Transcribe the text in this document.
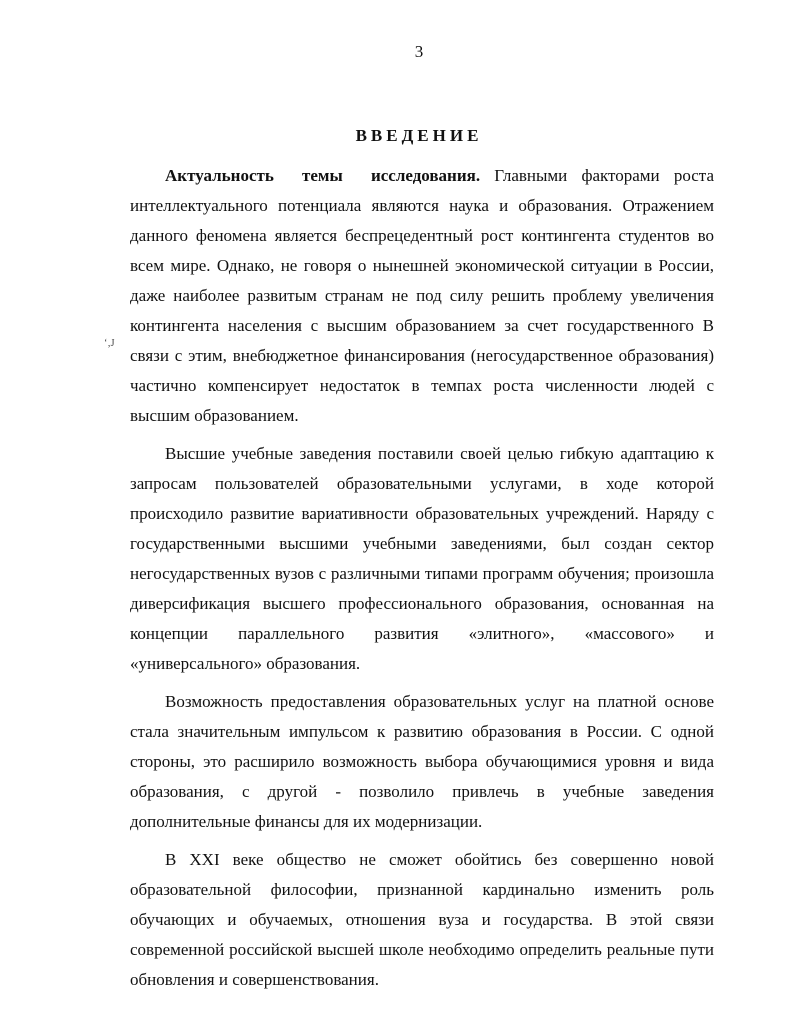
3
ВВЕДЕНИЕ
‘‚J

Актуальность темы исследования. Главными факторами роста интеллектуального потенциала являются наука и образования. Отражением данного феномена является беспрецедентный рост контингента студентов во всем мире. Однако, не говоря о нынешней экономической ситуации в России, даже наиболее развитым странам не под силу решить проблему увеличения контингента населения с высшим образованием за счет государственного В связи с этим, внебюджетное финансирования (негосударственное образования) частично компенсирует недостаток в темпах роста численности людей с высшим образованием.

Высшие учебные заведения поставили своей целью гибкую адаптацию к запросам пользователей образовательными услугами, в ходе которой происходило развитие вариативности образовательных учреждений. Наряду с государственными высшими учебными заведениями, был создан сектор негосударственных вузов с различными типами программ обучения; произошла диверсификация высшего профессионального образования, основанная на концепции параллельного развития «элитного», «массового» и «универсального» образования.

Возможность предоставления образовательных услуг на платной основе стала значительным импульсом к развитию образования в России. С одной стороны, это расширило возможность выбора обучающимися уровня и вида образования, с другой - позволило привлечь в учебные заведения дополнительные финансы для их модернизации.

В XXI веке общество не сможет обойтись без совершенно новой образовательной философии, признанной кардинально изменить роль обучающих и обучаемых, отношения вуза и государства. В этой связи современной российской высшей школе необходимо определить реальные пути обновления и совершенствования.
